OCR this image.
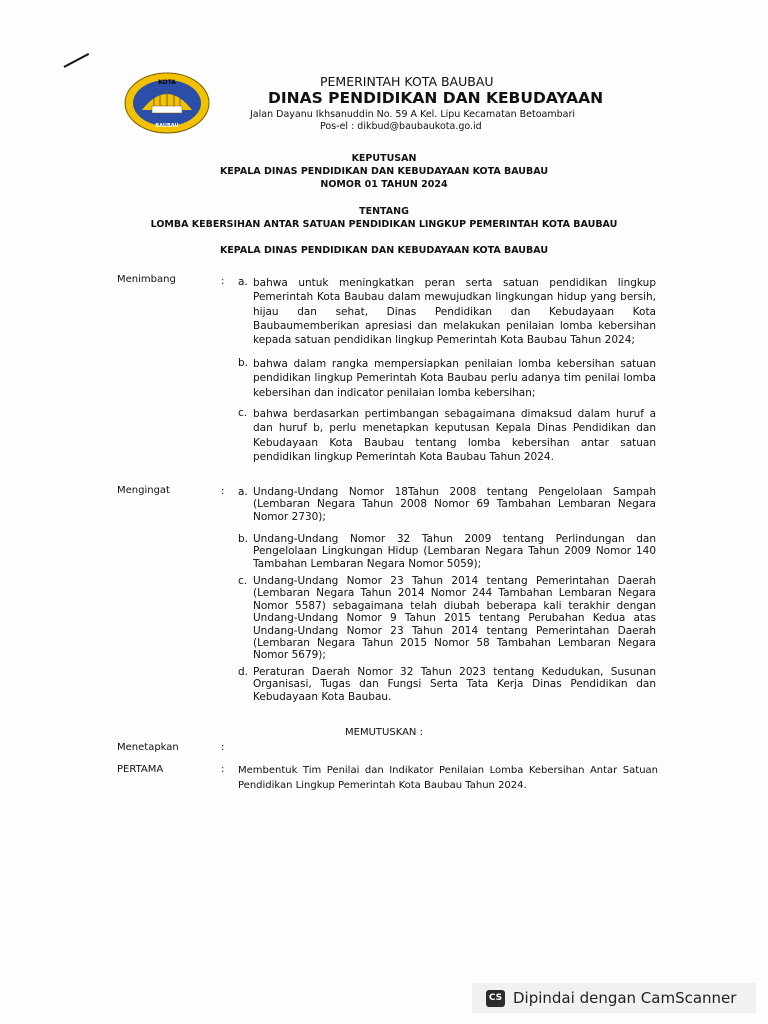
KOTA
BAUBAU
PEMERINTAH KOTA BAUBAU
DINAS PENDIDIKAN DAN KEBUDAYAAN
Jalan Dayanu Ikhsanuddin No. 59 A Kel. Lipu Kecamatan Betoambari
Pos-el : dikbud@baubaukota.go.id
KEPUTUSAN
KEPALA DINAS PENDIDIKAN DAN KEBUDAYAAN KOTA BAUBAU
NOMOR 01 TAHUN 2024
TENTANG
LOMBA KEBERSIHAN ANTAR SATUAN PENDIDIKAN LINGKUP PEMERINTAH KOTA BAUBAU
KEPALA DINAS PENDIDIKAN DAN KEBUDAYAAN KOTA BAUBAU
Menimbang	: a. bahwa untuk meningkatkan peran serta satuan pendidikan lingkup Pemerintah Kota Baubau dalam mewujudkan lingkungan hidup yang bersih, hijau dan sehat, Dinas Pendidikan dan Kebudayaan Kota Baubaumemberikan apresiasi dan melakukan penilaian lomba kebersihan kepada satuan pendidikan lingkup Pemerintah Kota Baubau Tahun 2024;
b. bahwa dalam rangka mempersiapkan penilaian lomba kebersihan satuan pendidikan lingkup Pemerintah Kota Baubau perlu adanya tim penilai lomba kebersihan dan indicator penilaian lomba kebersihan;
c. bahwa berdasarkan pertimbangan sebagaimana dimaksud dalam huruf a dan huruf b, perlu menetapkan keputusan Kepala Dinas Pendidikan dan Kebudayaan Kota Baubau tentang lomba kebersihan antar satuan pendidikan lingkup Pemerintah Kota Baubau Tahun 2024.
Mengingat	: a. Undang-Undang Nomor 18Tahun 2008 tentang Pengelolaan Sampah (Lembaran Negara Tahun 2008 Nomor 69 Tambahan Lembaran Negara Nomor 2730);
b. Undang-Undang Nomor 32 Tahun 2009 tentang Perlindungan dan Pengelolaan Lingkungan Hidup (Lembaran Negara Tahun 2009 Nomor 140 Tambahan Lembaran Negara Nomor 5059);
c. Undang-Undang Nomor 23 Tahun 2014 tentang Pemerintahan Daerah (Lembaran Negara Tahun 2014 Nomor 244 Tambahan Lembaran Negara Nomor 5587) sebagaimana telah diubah beberapa kali terakhir dengan Undang-Undang Nomor 9 Tahun 2015 tentang Perubahan Kedua atas Undang-Undang Nomor 23 Tahun 2014 tentang Pemerintahan Daerah (Lembaran Negara Tahun 2015 Nomor 58 Tambahan Lembaran Negara Nomor 5679);
d. Peraturan Daerah Nomor 32 Tahun 2023 tentang Kedudukan, Susunan Organisasi, Tugas dan Fungsi Serta Tata Kerja Dinas Pendidikan dan Kebudayaan Kota Baubau.
MEMUTUSKAN :
Menetapkan	:
PERTAMA	: Membentuk Tim Penilai dan Indikator Penilaian Lomba Kebersihan Antar Satuan Pendidikan Lingkup Pemerintah Kota Baubau Tahun 2024.
CS Dipindai dengan CamScanner
